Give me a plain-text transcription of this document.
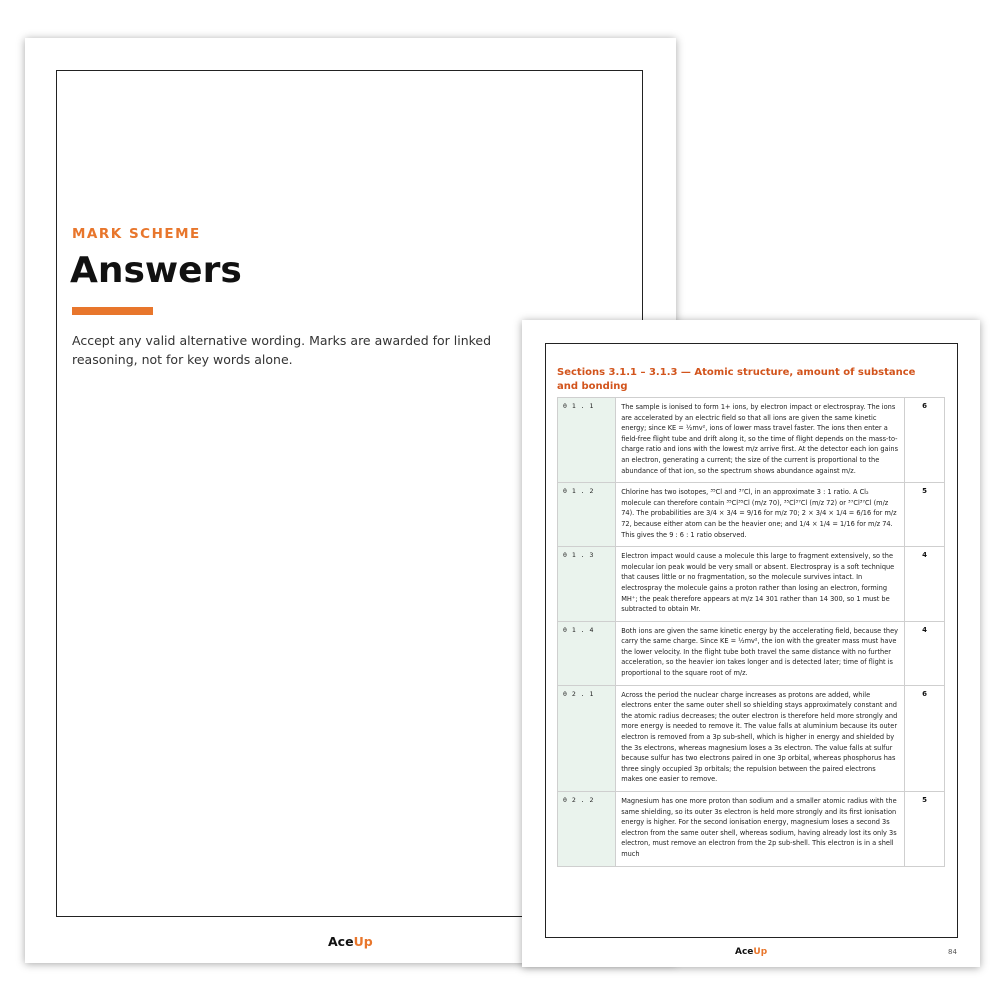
MARK SCHEME
Answers
Accept any valid alternative wording. Marks are awarded for linked reasoning, not for key words alone.
AceUp
Sections 3.1.1 – 3.1.3 — Atomic structure, amount of substance and bonding
0 1 . 1	The sample is ionised to form 1+ ions, by electron impact or electrospray. The ions are accelerated by an electric field so that all ions are given the same kinetic energy; since KE = ½mv², ions of lower mass travel faster. The ions then enter a field-free flight tube and drift along it, so the time of flight depends on the mass-to-charge ratio and ions with the lowest m/z arrive first. At the detector each ion gains an electron, generating a current; the size of the current is proportional to the abundance of that ion, so the spectrum shows abundance against m/z.	6
0 1 . 2	Chlorine has two isotopes, ³⁵Cl and ³⁷Cl, in an approximate 3 : 1 ratio. A Cl₂ molecule can therefore contain ³⁵Cl³⁵Cl (m/z 70), ³⁵Cl³⁷Cl (m/z 72) or ³⁷Cl³⁷Cl (m/z 74). The probabilities are 3/4 × 3/4 = 9/16 for m/z 70; 2 × 3/4 × 1/4 = 6/16 for m/z 72, because either atom can be the heavier one; and 1/4 × 1/4 = 1/16 for m/z 74. This gives the 9 : 6 : 1 ratio observed.	5
0 1 . 3	Electron impact would cause a molecule this large to fragment extensively, so the molecular ion peak would be very small or absent. Electrospray is a soft technique that causes little or no fragmentation, so the molecule survives intact. In electrospray the molecule gains a proton rather than losing an electron, forming MH⁺; the peak therefore appears at m/z 14 301 rather than 14 300, so 1 must be subtracted to obtain Mr.	4
0 1 . 4	Both ions are given the same kinetic energy by the accelerating field, because they carry the same charge. Since KE = ½mv², the ion with the greater mass must have the lower velocity. In the flight tube both travel the same distance with no further acceleration, so the heavier ion takes longer and is detected later; time of flight is proportional to the square root of m/z.	4
0 2 . 1	Across the period the nuclear charge increases as protons are added, while electrons enter the same outer shell so shielding stays approximately constant and the atomic radius decreases; the outer electron is therefore held more strongly and more energy is needed to remove it. The value falls at aluminium because its outer electron is removed from a 3p sub-shell, which is higher in energy and shielded by the 3s electrons, whereas magnesium loses a 3s electron. The value falls at sulfur because sulfur has two electrons paired in one 3p orbital, whereas phosphorus has three singly occupied 3p orbitals; the repulsion between the paired electrons makes one easier to remove.	6
0 2 . 2	Magnesium has one more proton than sodium and a smaller atomic radius with the same shielding, so its outer 3s electron is held more strongly and its first ionisation energy is higher. For the second ionisation energy, magnesium loses a second 3s electron from the same outer shell, whereas sodium, having already lost its only 3s electron, must remove an electron from the 2p sub-shell. This electron is in a shell much	5
AceUp	84
